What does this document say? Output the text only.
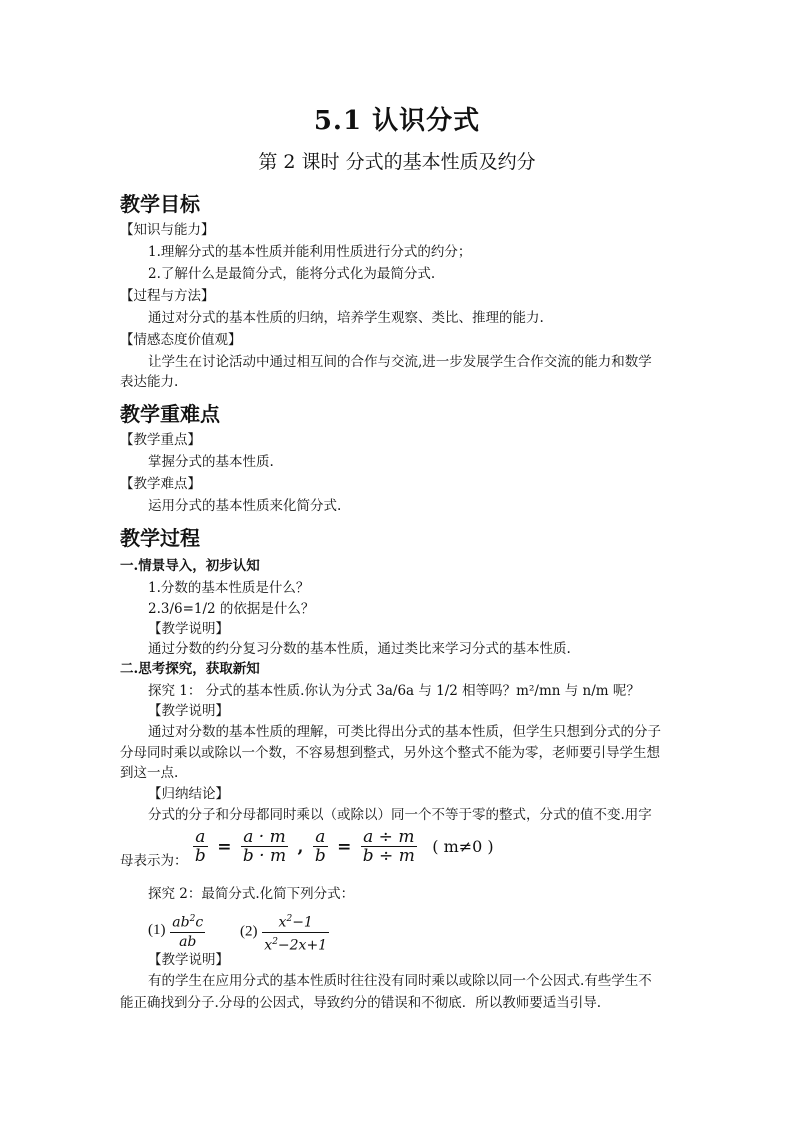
5.1 认识分式
第 2 课时 分式的基本性质及约分
教学目标
【知识与能力】
1.理解分式的基本性质并能利用性质进行分式的约分；
2.了解什么是最简分式，能将分式化为最简分式.
【过程与方法】
通过对分式的基本性质的归纳，培养学生观察、类比、推理的能力.
【情感态度价值观】
让学生在讨论活动中通过相互间的合作与交流,进一步发展学生合作交流的能力和数学
表达能力.
教学重难点
【教学重点】
掌握分式的基本性质.
【教学难点】
运用分式的基本性质来化简分式.
教学过程
一.情景导入，初步认知
1.分数的基本性质是什么？
2.3/6=1/2 的依据是什么？
【教学说明】
通过分数的约分复习分数的基本性质，通过类比来学习分式的基本性质.
二.思考探究，获取新知
探究 1： 分式的基本性质.你认为分式 3a/6a 与 1/2 相等吗？m²/mn 与 n/m 呢？
【教学说明】
通过对分数的基本性质的理解，可类比得出分式的基本性质，但学生只想到分式的分子
分母同时乘以或除以一个数，不容易想到整式，另外这个整式不能为零，老师要引导学生想
到这一点.
【归纳结论】
分式的分子和分母都同时乘以（或除以）同一个不等于零的整式，分式的值不变.用字
$_{母表示为:} \frac{a}{b} = \frac{a \cdot m}{b \cdot m}$ , $\frac{a}{b} = \frac{a \div m}{b \div m}$ ( m≠0 )
探究 2：最简分式.化简下列分式：
$(1) \frac{ab^2c}{ab} (2) \frac{x^2-1}{x^2-2x+1}$
【教学说明】
有的学生在应用分式的基本性质时往往没有同时乘以或除以同一个公因式.有些学生不
能正确找到分子.分母的公因式，导致约分的错误和不彻底．所以教师要适当引导.
